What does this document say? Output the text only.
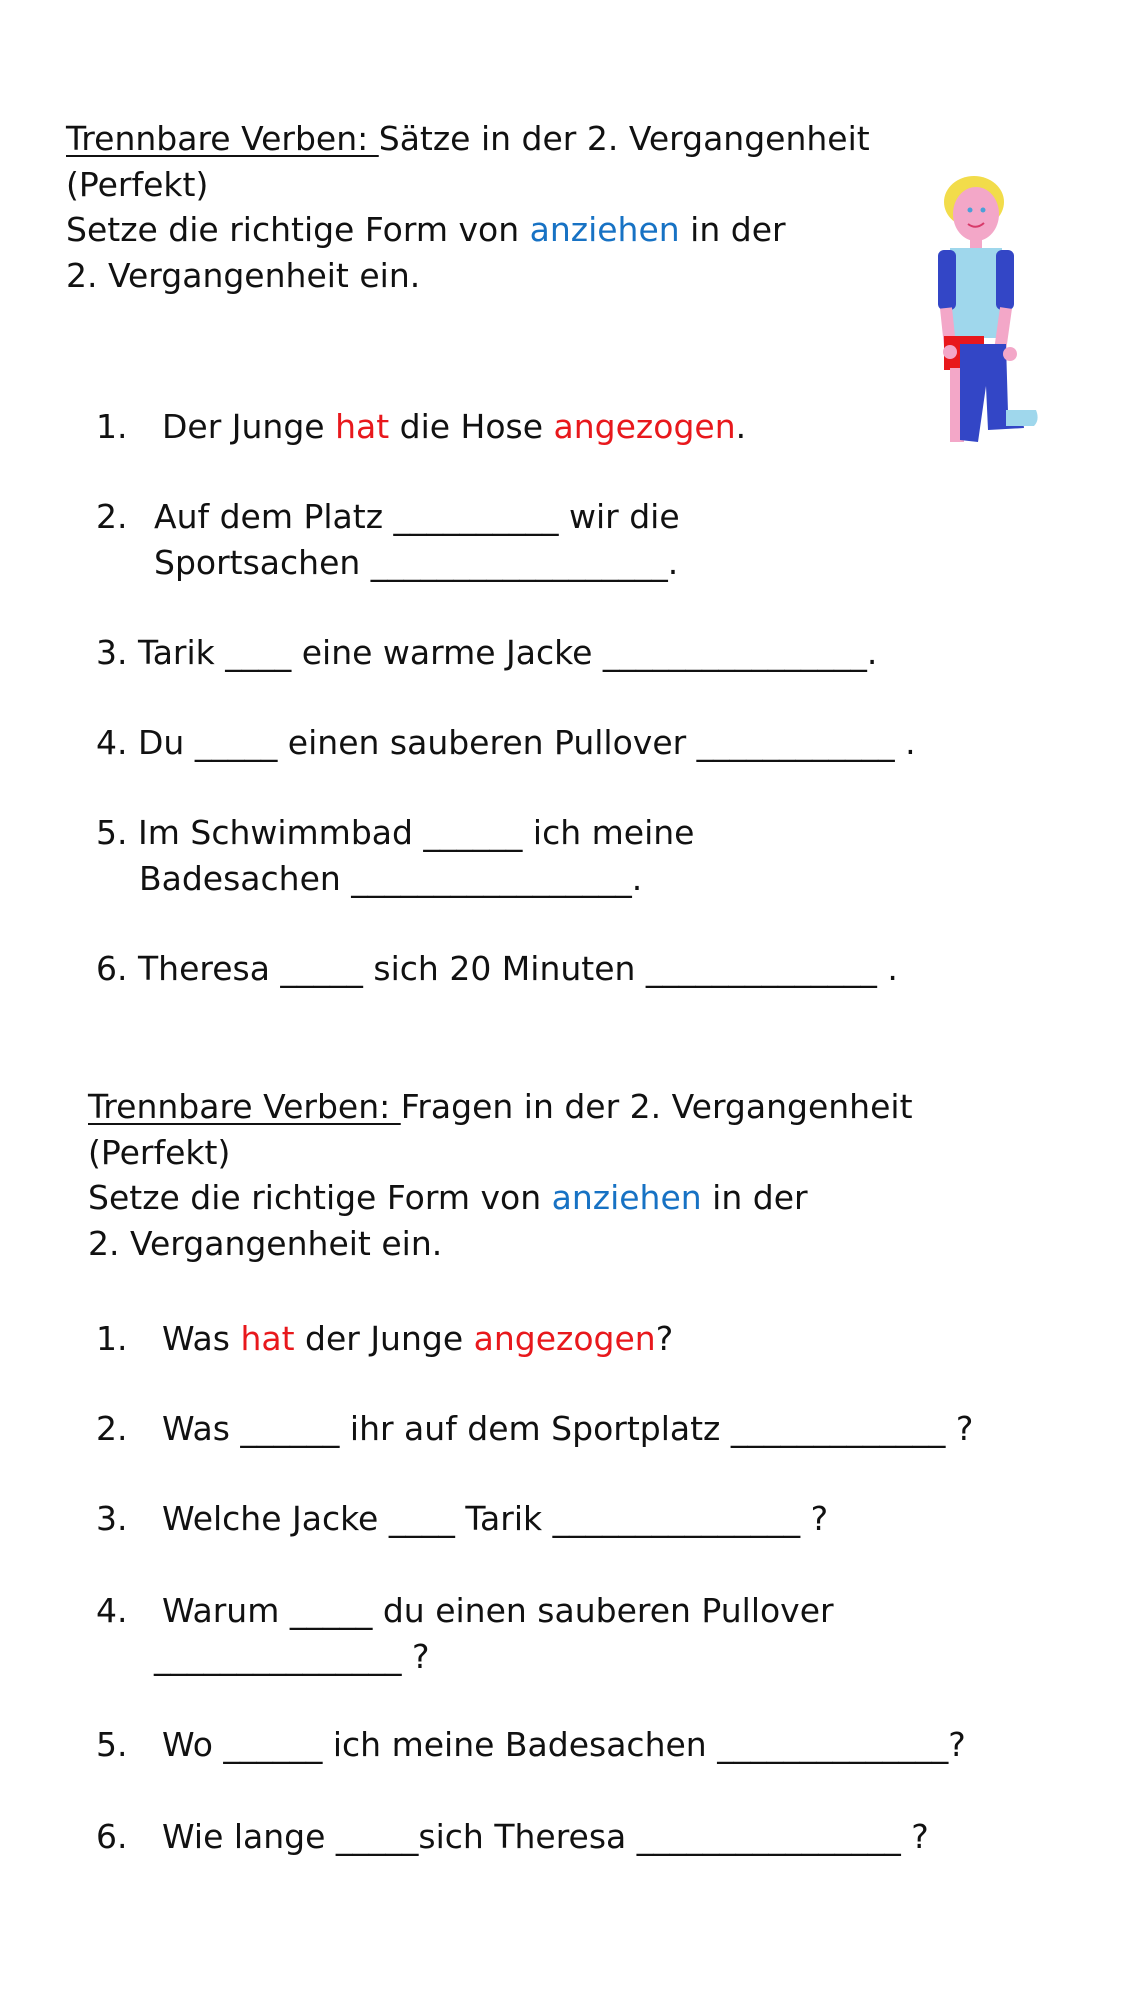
Trennbare Verben: Sätze in der 2. Vergangenheit
(Perfekt)
Setze die richtige Form von anziehen in der
2. Vergangenheit ein.
1. Der Junge hat die Hose angezogen.
2. Auf dem Platz __________ wir die
Sportsachen __________________.
3. Tarik ____ eine warme Jacke ________________.
4. Du _____ einen sauberen Pullover ____________ .
5. Im Schwimmbad ______ ich meine
Badesachen _________________.
6. Theresa _____ sich 20 Minuten ______________ .
Trennbare Verben: Fragen in der 2. Vergangenheit
(Perfekt)
Setze die richtige Form von anziehen in der
2. Vergangenheit ein.
1. Was hat der Junge angezogen?
2. Was ______ ihr auf dem Sportplatz _____________ ?
3. Welche Jacke ____ Tarik _______________ ?
4. Warum _____ du einen sauberen Pullover
_______________ ?
5. Wo ______ ich meine Badesachen ______________?
6. Wie lange _____sich Theresa ________________ ?
